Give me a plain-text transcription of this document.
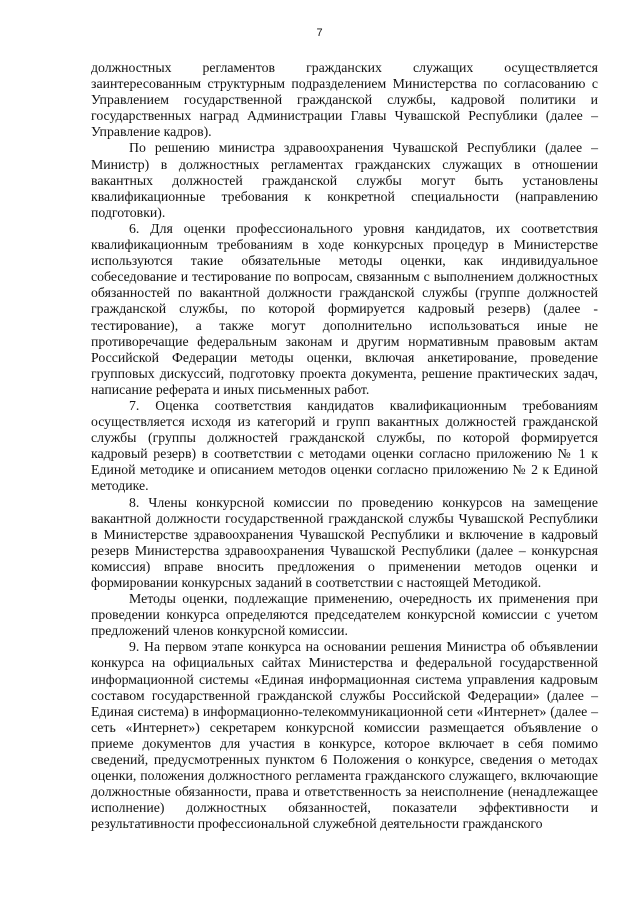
7

должностных регламентов гражданских служащих осуществляется заинтересованным структурным подразделением Министерства по согласованию с Управлением государственной гражданской службы, кадровой политики и государственных наград Администрации Главы Чувашской Республики (далее – Управление кадров).

По решению министра здравоохранения Чувашской Республики (далее – Министр) в должностных регламентах гражданских служащих в отношении вакантных должностей гражданской службы могут быть установлены квалификационные требования к конкретной специальности (направлению подготовки).

6. Для оценки профессионального уровня кандидатов, их соответствия квалификационным требованиям в ходе конкурсных процедур в Министерстве используются такие обязательные методы оценки, как индивидуальное собеседование и тестирование по вопросам, связанным с выполнением должностных обязанностей по вакантной должности гражданской службы (группе должностей гражданской службы, по которой формируется кадровый резерв) (далее - тестирование), а также могут дополнительно использоваться иные не противоречащие федеральным законам и другим нормативным правовым актам Российской Федерации методы оценки, включая анкетирование, проведение групповых дискуссий, подготовку проекта документа, решение практических задач, написание реферата и иных письменных работ.

7. Оценка соответствия кандидатов квалификационным требованиям осуществляется исходя из категорий и групп вакантных должностей гражданской службы (группы должностей гражданской службы, по которой формируется кадровый резерв) в соответствии с методами оценки согласно приложению № 1 к Единой методике и описанием методов оценки согласно приложению № 2 к Единой методике.

8. Члены конкурсной комиссии по проведению конкурсов на замещение вакантной должности государственной гражданской службы Чувашской Республики в Министерстве здравоохранения Чувашской Республики и включение в кадровый резерв Министерства здравоохранения Чувашской Республики (далее – конкурсная комиссия) вправе вносить предложения о применении методов оценки и формировании конкурсных заданий в соответствии с настоящей Методикой.

Методы оценки, подлежащие применению, очередность их применения при проведении конкурса определяются председателем конкурсной комиссии с учетом предложений членов конкурсной комиссии.

9. На первом этапе конкурса на основании решения Министра об объявлении конкурса на официальных сайтах Министерства и федеральной государственной информационной системы «Единая информационная система управления кадровым составом государственной гражданской службы Российской Федерации» (далее – Единая система) в информационно-телекоммуникационной сети «Интернет» (далее – сеть «Интернет») секретарем конкурсной комиссии размещается объявление о приеме документов для участия в конкурсе, которое включает в себя помимо сведений, предусмотренных пунктом 6 Положения о конкурсе, сведения о методах оценки, положения должностного регламента гражданского служащего, включающие должностные обязанности, права и ответственность за неисполнение (ненадлежащее исполнение) должностных обязанностей, показатели эффективности и результативности профессиональной служебной деятельности гражданского
